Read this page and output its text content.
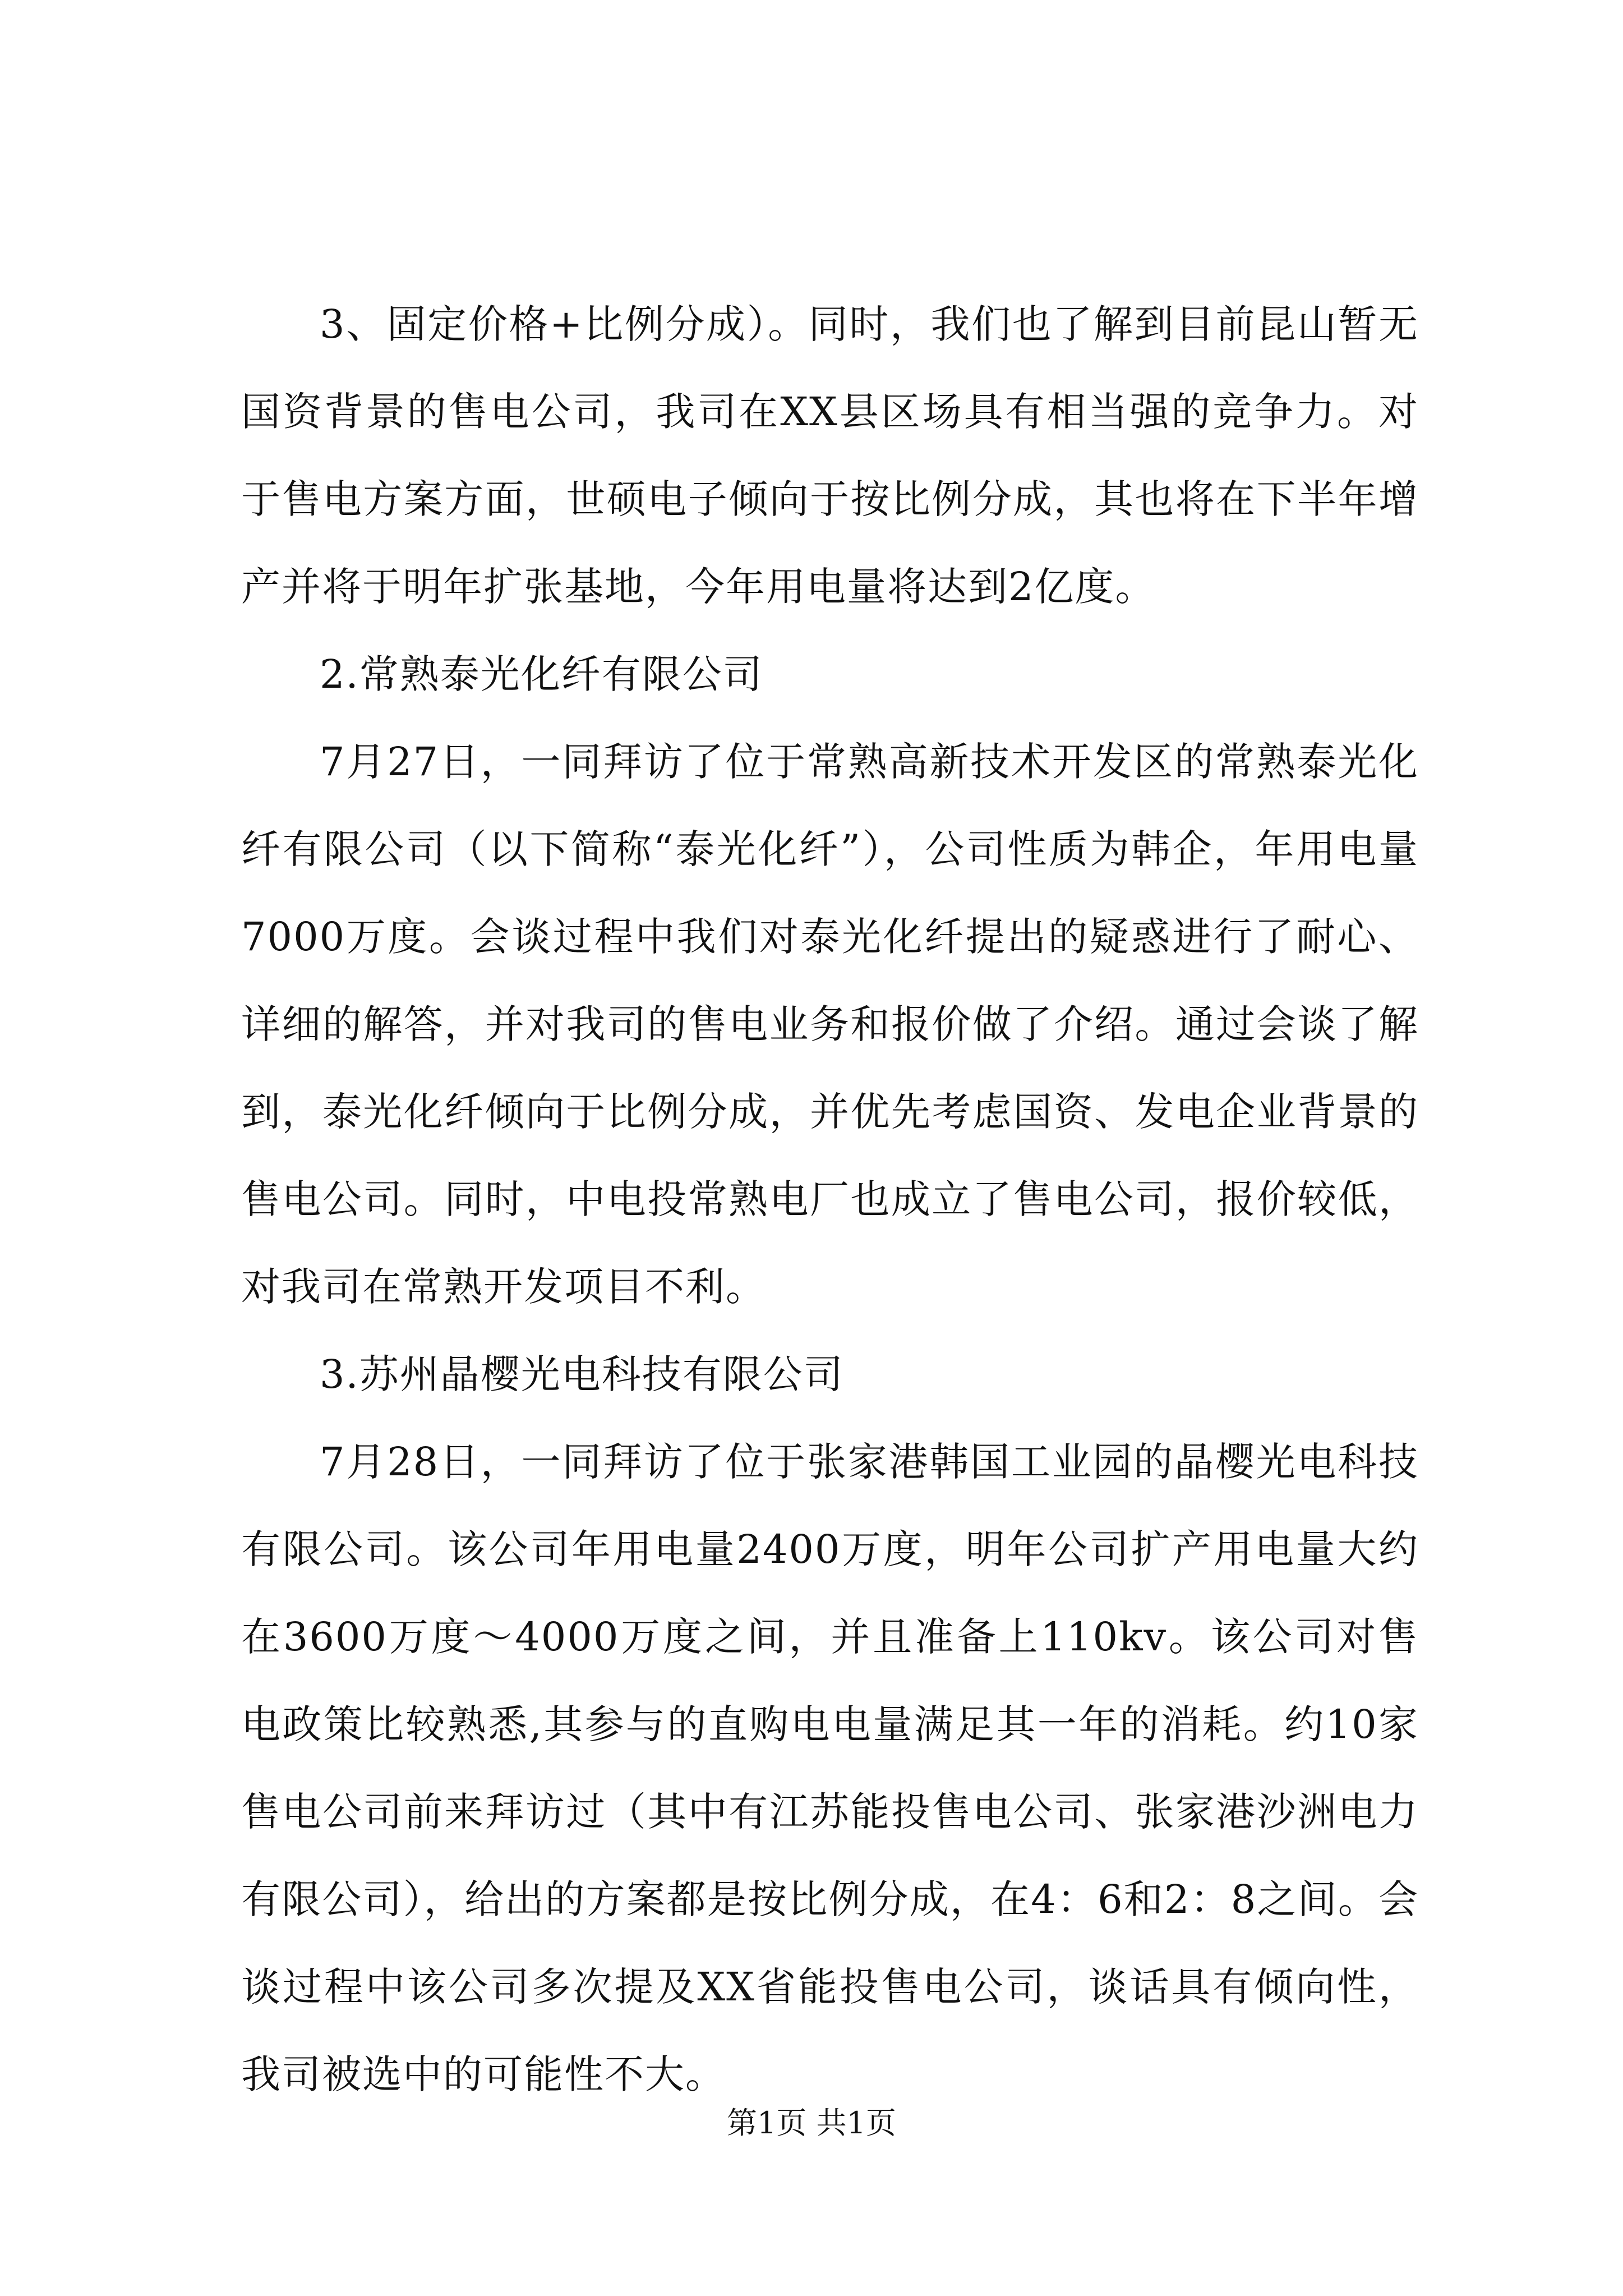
3、固定价格+比例分成）。同时，我们也了解到目前昆山暂无国资背景的售电公司，我司在XX县区场具有相当强的竞争力。对于售电方案方面，世硕电子倾向于按比例分成，其也将在下半年增产并将于明年扩张基地，今年用电量将达到2亿度。

2.常熟泰光化纤有限公司

7月27日，一同拜访了位于常熟高新技术开发区的常熟泰光化纤有限公司（以下简称“泰光化纤”），公司性质为韩企，年用电量7000万度。会谈过程中我们对泰光化纤提出的疑惑进行了耐心、详细的解答，并对我司的售电业务和报价做了介绍。通过会谈了解到，泰光化纤倾向于比例分成，并优先考虑国资、发电企业背景的售电公司。同时，中电投常熟电厂也成立了售电公司，报价较低，对我司在常熟开发项目不利。

3.苏州晶樱光电科技有限公司

7月28日，一同拜访了位于张家港韩国工业园的晶樱光电科技有限公司。该公司年用电量2400万度，明年公司扩产用电量大约在3600万度～4000万度之间，并且准备上110kv。该公司对售电政策比较熟悉,其参与的直购电电量满足其一年的消耗。约10家售电公司前来拜访过（其中有江苏能投售电公司、张家港沙洲电力有限公司），给出的方案都是按比例分成，在4：6和2：8之间。会谈过程中该公司多次提及XX省能投售电公司，谈话具有倾向性，我司被选中的可能性不大。

第1页 共1页
